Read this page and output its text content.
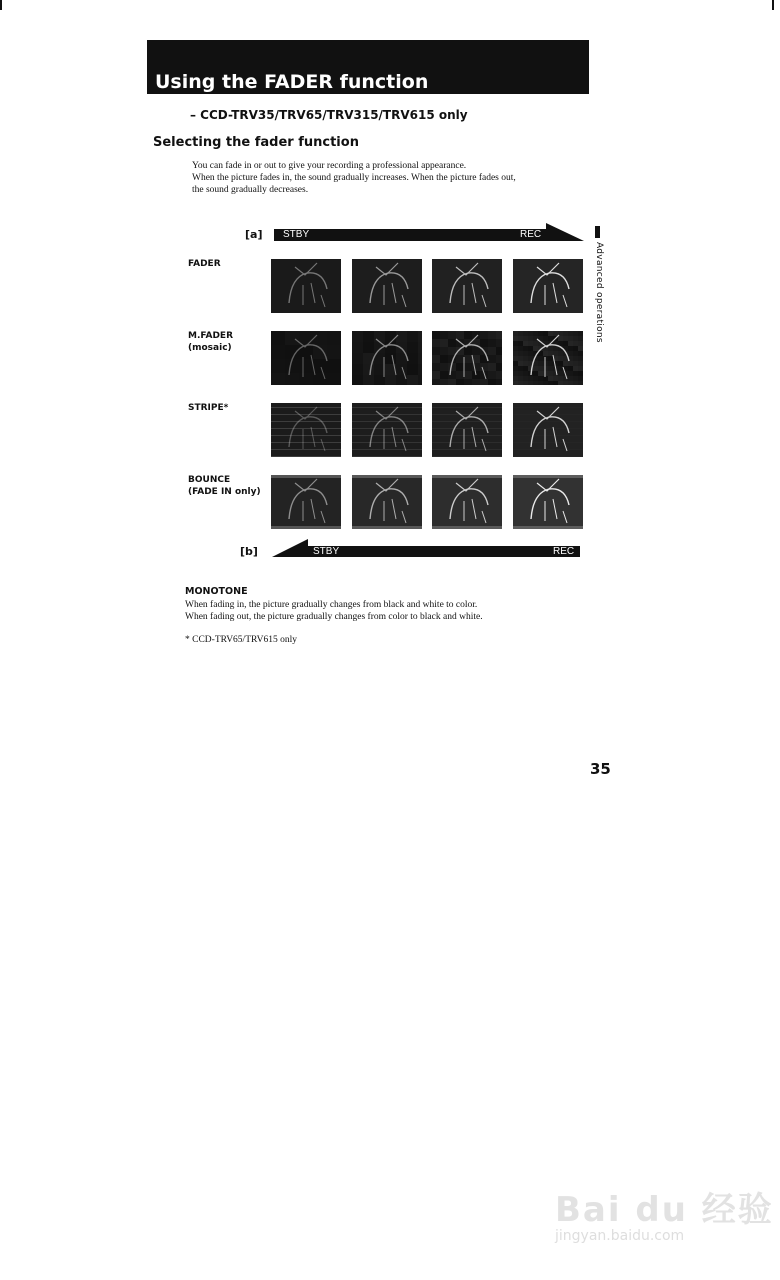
Using the FADER function
– CCD-TRV35/TRV65/TRV315/TRV615 only
Selecting the fader function
You can fade in or out to give your recording a professional appearance.
When the picture fades in, the sound gradually increases. When the picture fades out,
the sound gradually decreases.
Advanced operations
[a] STBY	REC
FADER
M.FADER
(mosaic)
STRIPE*
BOUNCE
(FADE IN only)
[b]	STBY	REC
MONOTONE
When fading in, the picture gradually changes from black and white to color.
When fading out, the picture gradually changes from color to black and white.
* CCD-TRV65/TRV615 only
35
Bai du 经验
jingyan.baidu.com
